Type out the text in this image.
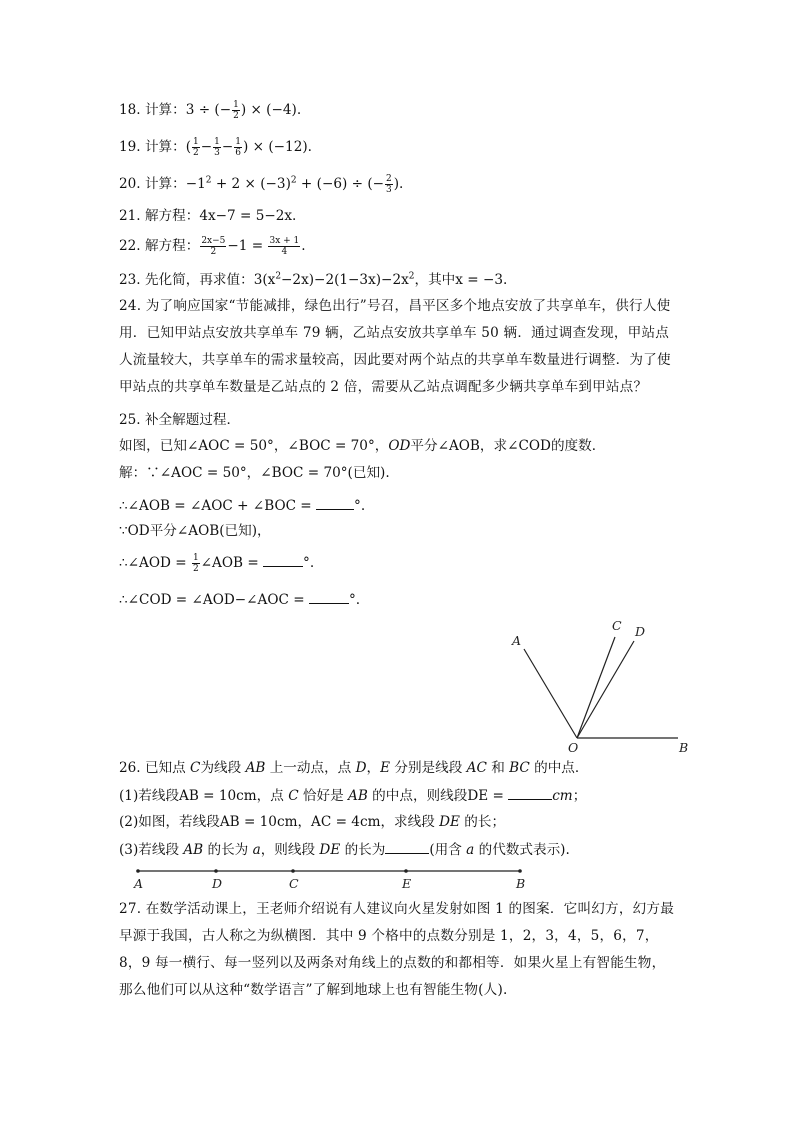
18. 计算：3 ÷ (− $\frac{1}{2}$ ) × (−4).
19. 计算：( $\frac{1}{2} - \frac{1}{3} - \frac{1}{6}$ ) × (−12).
20. 计算：$-1^2 + 2 \times (-3)^2 + (-6)$ ÷ (− $\frac{2}{3}$ ).
21. 解方程：4x−7 = 5−2x.
22. 解方程： $\frac{2x-5}{2} -1 = \frac{3x + 1}{4}$ .
23. 先化简，再求值：$3(x^2-2x)-2(1-3x)-2x^2$，其中x = −3.
24. 为了响应国家“节能减排，绿色出行”号召，昌平区多个地点安放了共享单车，供行人使用．已知甲站点安放共享单车 79 辆，乙站点安放共享单车 50 辆．通过调查发现，甲站点人流量较大，共享单车的需求量较高，因此要对两个站点的共享单车数量进行调整．为了使甲站点的共享单车数量是乙站点的 2 倍，需要从乙站点调配多少辆共享单车到甲站点？
25. 补全解题过程．
如图，已知∠AOC = 50°，∠BOC = 70°，OD平分∠AOB，求∠COD的度数．
解：∵∠AOC = 50°，∠BOC = 70°(已知).
∴∠AOB = ∠AOC + ∠BOC =	°.
∵OD平分∠AOB(已知)，
∴∠AOD = $\frac{1}{2}$ ∠AOB =	°.
∴∠COD = ∠AOD−∠AOC =	°.
A
C D
O	B
26. 已知点 C为线段 AB 上一动点，点 D，E 分别是线段 AC 和 BC 的中点．
(1)若线段AB = 10cm，点 C 恰好是 AB 的中点，则线段DE =	cm；
(2)如图，若线段AB = 10cm，AC = 4cm，求线段 DE 的长；
(3)若线段 AB 的长为 a，则线段 DE 的长为	(用含 a 的代数式表示).
A	D	C	E	B
27. 在数学活动课上，王老师介绍说有人建议向火星发射如图 1 的图案．它叫幻方，幻方最早源于我国，古人称之为纵横图．其中 9 个格中的点数分别是 1，2，3，4，5，6，7，8，9 每一横行、每一竖列以及两条对角线上的点数的和都相等．如果火星上有智能生物，那么他们可以从这种“数学语言”了解到地球上也有智能生物(人).
